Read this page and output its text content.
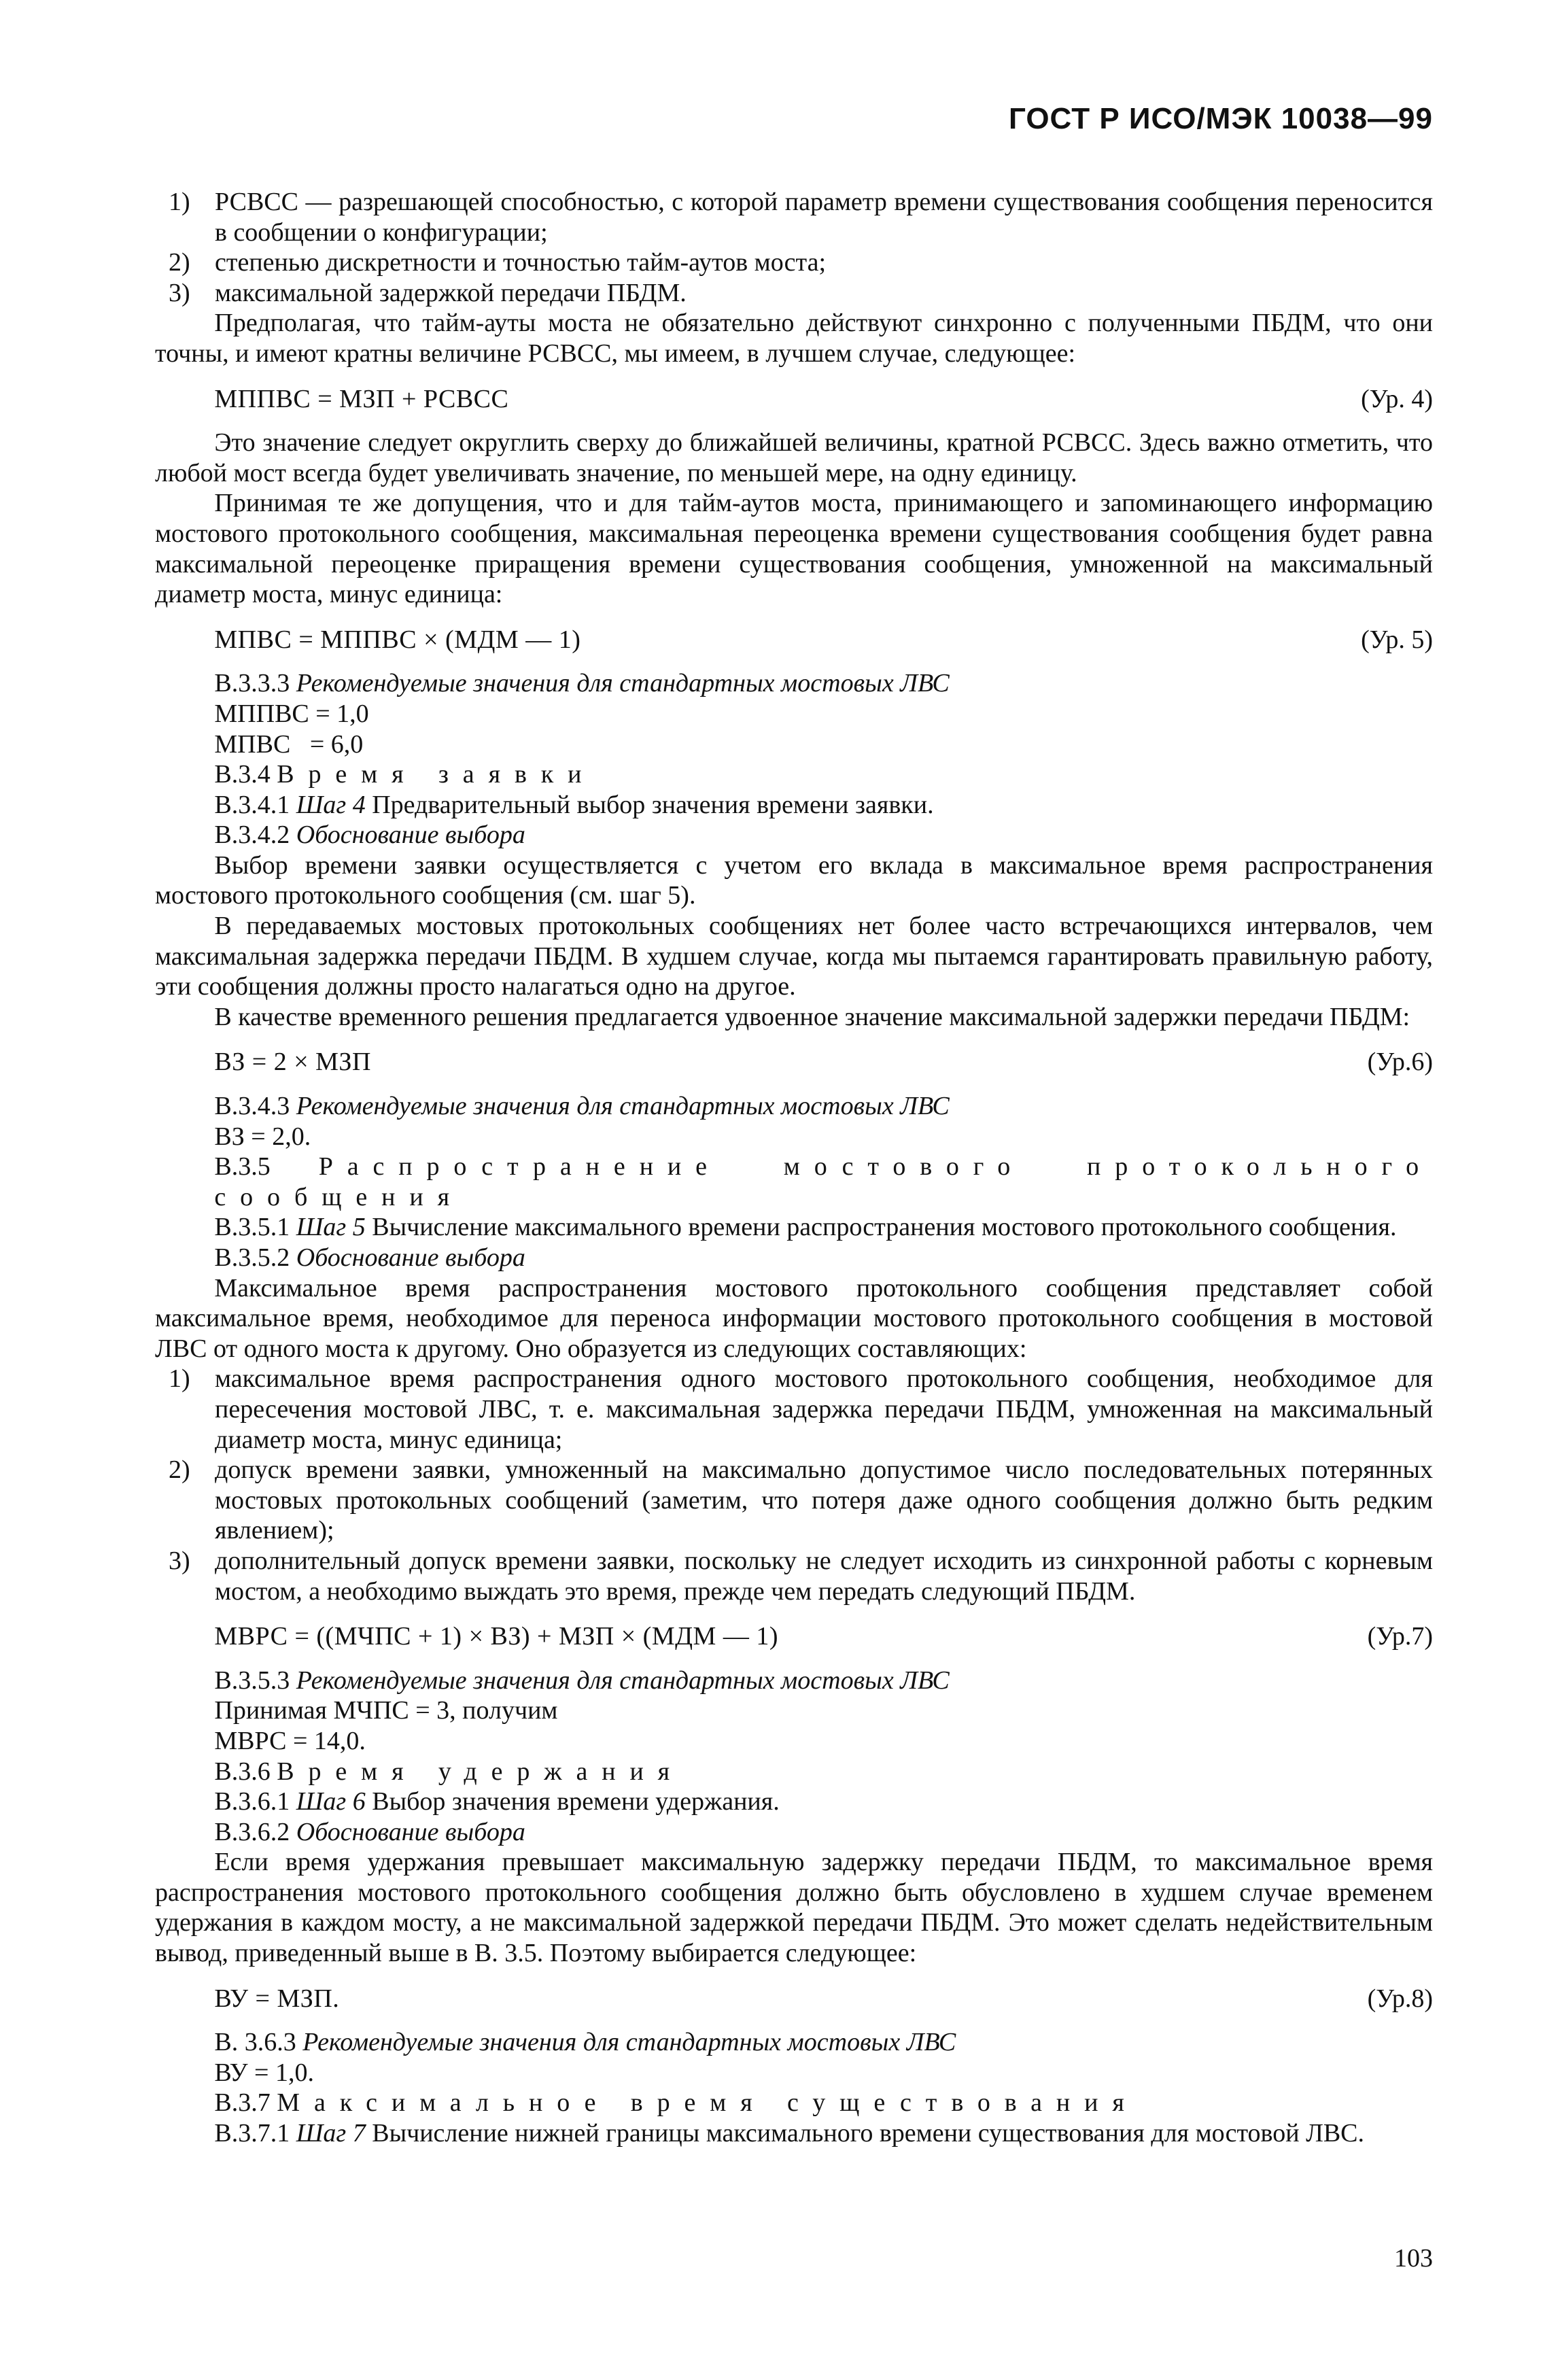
ГОСТ Р ИСО/МЭК 10038—99

1) РСВСС — разрешающей способностью, с которой параметр времени существования сообщения переносится в сообщении о конфигурации;

2) степенью дискретности и точностью тайм-аутов моста;

3) максимальной задержкой передачи ПБДМ.

Предполагая, что тайм-ауты моста не обязательно действуют синхронно с полученными ПБДМ, что они точны, и имеют кратны величине РСВСС, мы имеем, в лучшем случае, следующее:

МППВС = МЗП + РСВСС	(Ур. 4)

Это значение следует округлить сверху до ближайшей величины, кратной РСВСС. Здесь важно отметить, что любой мост всегда будет увеличивать значение, по меньшей мере, на одну единицу.

Принимая те же допущения, что и для тайм-аутов моста, принимающего и запоминающего информацию мостового протокольного сообщения, максимальная переоценка времени существования сообщения будет равна максимальной переоценке приращения времени существования сообщения, умноженной на максимальный диаметр моста, минус единица:

МПВС = МППВС × (МДМ — 1)	(Ур. 5)

В.3.3.3 Рекомендуемые значения для стандартных мостовых ЛВС

МППВС = 1,0

МПВС   = 6,0

В.3.4 Время заявки

В.3.4.1 Шаг 4 Предварительный выбор значения времени заявки.

В.3.4.2 Обоснование выбора

Выбор времени заявки осуществляется с учетом его вклада в максимальное время распространения мостового протокольного сообщения (см. шаг 5).

В передаваемых мостовых протокольных сообщениях нет более часто встречающихся интервалов, чем максимальная задержка передачи ПБДМ. В худшем случае, когда мы пытаемся гарантировать правильную работу, эти сообщения должны просто налагаться одно на другое.

В качестве временного решения предлагается удвоенное значение максимальной задержки передачи ПБДМ:

ВЗ = 2 × МЗП	(Ур.6)

В.3.4.3 Рекомендуемые значения для стандартных мостовых ЛВС

ВЗ = 2,0.

В.3.5 Распространение мостового протокольного сообщения

В.3.5.1 Шаг 5 Вычисление максимального времени распространения мостового протокольного сообщения.

В.3.5.2 Обоснование выбора

Максимальное время распространения мостового протокольного сообщения представляет собой максимальное время, необходимое для переноса информации мостового протокольного сообщения в мостовой ЛВС от одного моста к другому. Оно образуется из следующих составляющих:

1) максимальное время распространения одного мостового протокольного сообщения, необходимое для пересечения мостовой ЛВС, т. е. максимальная задержка передачи ПБДМ, умноженная на максимальный диаметр моста, минус единица;

2) допуск времени заявки, умноженный на максимально допустимое число последовательных потерянных мостовых протокольных сообщений (заметим, что потеря даже одного сообщения должно быть редким явлением);

3) дополнительный допуск времени заявки, поскольку не следует исходить из синхронной работы с корневым мостом, а необходимо выждать это время, прежде чем передать следующий ПБДМ.

МВРС = ((МЧПС + 1) × ВЗ) + МЗП × (МДМ — 1)	(Ур.7)

В.3.5.3 Рекомендуемые значения для стандартных мостовых ЛВС

Принимая МЧПС = 3, получим

МВРС = 14,0.

В.3.6 Время удержания

В.3.6.1 Шаг 6 Выбор значения времени удержания.

В.3.6.2 Обоснование выбора

Если время удержания превышает максимальную задержку передачи ПБДМ, то максимальное время распространения мостового протокольного сообщения должно быть обусловлено в худшем случае временем удержания в каждом мосту, а не максимальной задержкой передачи ПБДМ. Это может сделать недействительным вывод, приведенный выше в В. 3.5. Поэтому выбирается следующее:

ВУ = МЗП.	(Ур.8)

В. 3.6.3 Рекомендуемые значения для стандартных мостовых ЛВС

ВУ = 1,0.

В.3.7 Максимальное время существования

В.3.7.1 Шаг 7 Вычисление нижней границы максимального времени существования для мостовой ЛВС.

103
